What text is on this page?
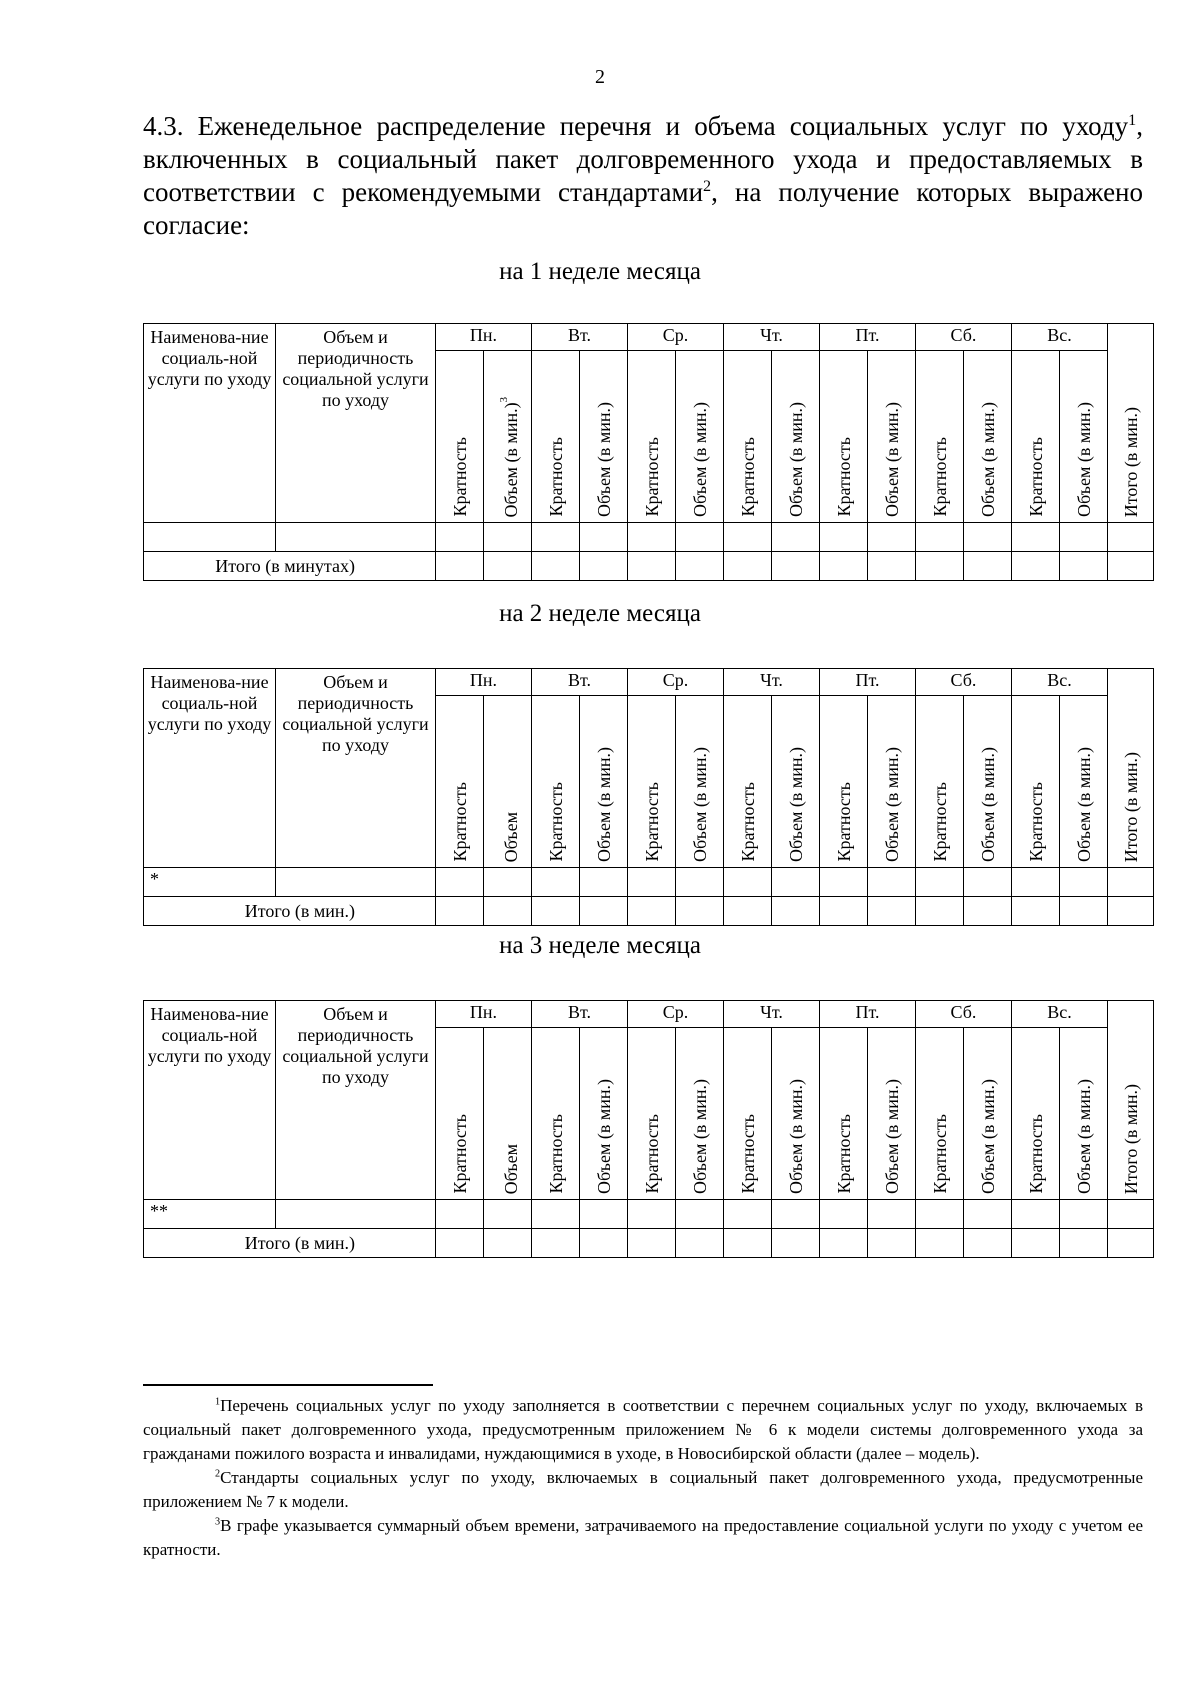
2
4.3. Еженедельное распределение перечня и объема социальных услуг по уходу$^1$, включенных в социальный пакет долговременного ухода и предоставляемых в соответствии с рекомендуемыми стандартами$^2$, на получение которых выражено согласие:
на 1 неделе месяца
Наименова-ние социаль-ной услуги по уходу	Объем и периодичность социальной услуги по уходу	Пн.		Вт.		Ср.		Чт.		Пт.		Сб.		Вс.		Итого (в мин.)
		Кратность	Объем (в мин.)$^3$	Кратность	Объем (в мин.)	Кратность	Объем (в мин.)	Кратность	Объем (в мин.)	Кратность	Объем (в мин.)	Кратность	Объем (в мин.)	Кратность	Объем (в мин.)	

Итого (в минутах)																
на 2 неделе месяца
Наименова-ние социаль-ной услуги по уходу	Объем и периодичность социальной услуги по уходу	Пн.		Вт.		Ср.		Чт.		Пт.		Сб.		Вс.		Итого (в мин.)
		Кратность	Объем	Кратность	Объем (в мин.)	Кратность	Объем (в мин.)	Кратность	Объем (в мин.)	Кратность	Объем (в мин.)	Кратность	Объем (в мин.)	Кратность	Объем (в мин.)	
*																
Итого (в мин.)																
на 3 неделе месяца
Наименова-ние социаль-ной услуги по уходу	Объем и периодичность социальной услуги по уходу	Пн.		Вт.		Ср.		Чт.		Пт.		Сб.		Вс.		Итого (в мин.)
		Кратность	Объем	Кратность	Объем (в мин.)	Кратность	Объем (в мин.)	Кратность	Объем (в мин.)	Кратность	Объем (в мин.)	Кратность	Объем (в мин.)	Кратность	Объем (в мин.)	
**																
Итого (в мин.)																

$^1$Перечень социальных услуг по уходу заполняется в соответствии с перечнем социальных услуг по уходу, включаемых в социальный пакет долговременного ухода, предусмотренным приложением № 6 к модели системы долговременного ухода за гражданами пожилого возраста и инвалидами, нуждающимися в уходе, в Новосибирской области (далее – модель).

$^2$Стандарты социальных услуг по уходу, включаемых в социальный пакет долговременного ухода, предусмотренные приложением № 7 к модели.

$^3$В графе указывается суммарный объем времени, затрачиваемого на предоставление социальной услуги по уходу с учетом ее кратности.
